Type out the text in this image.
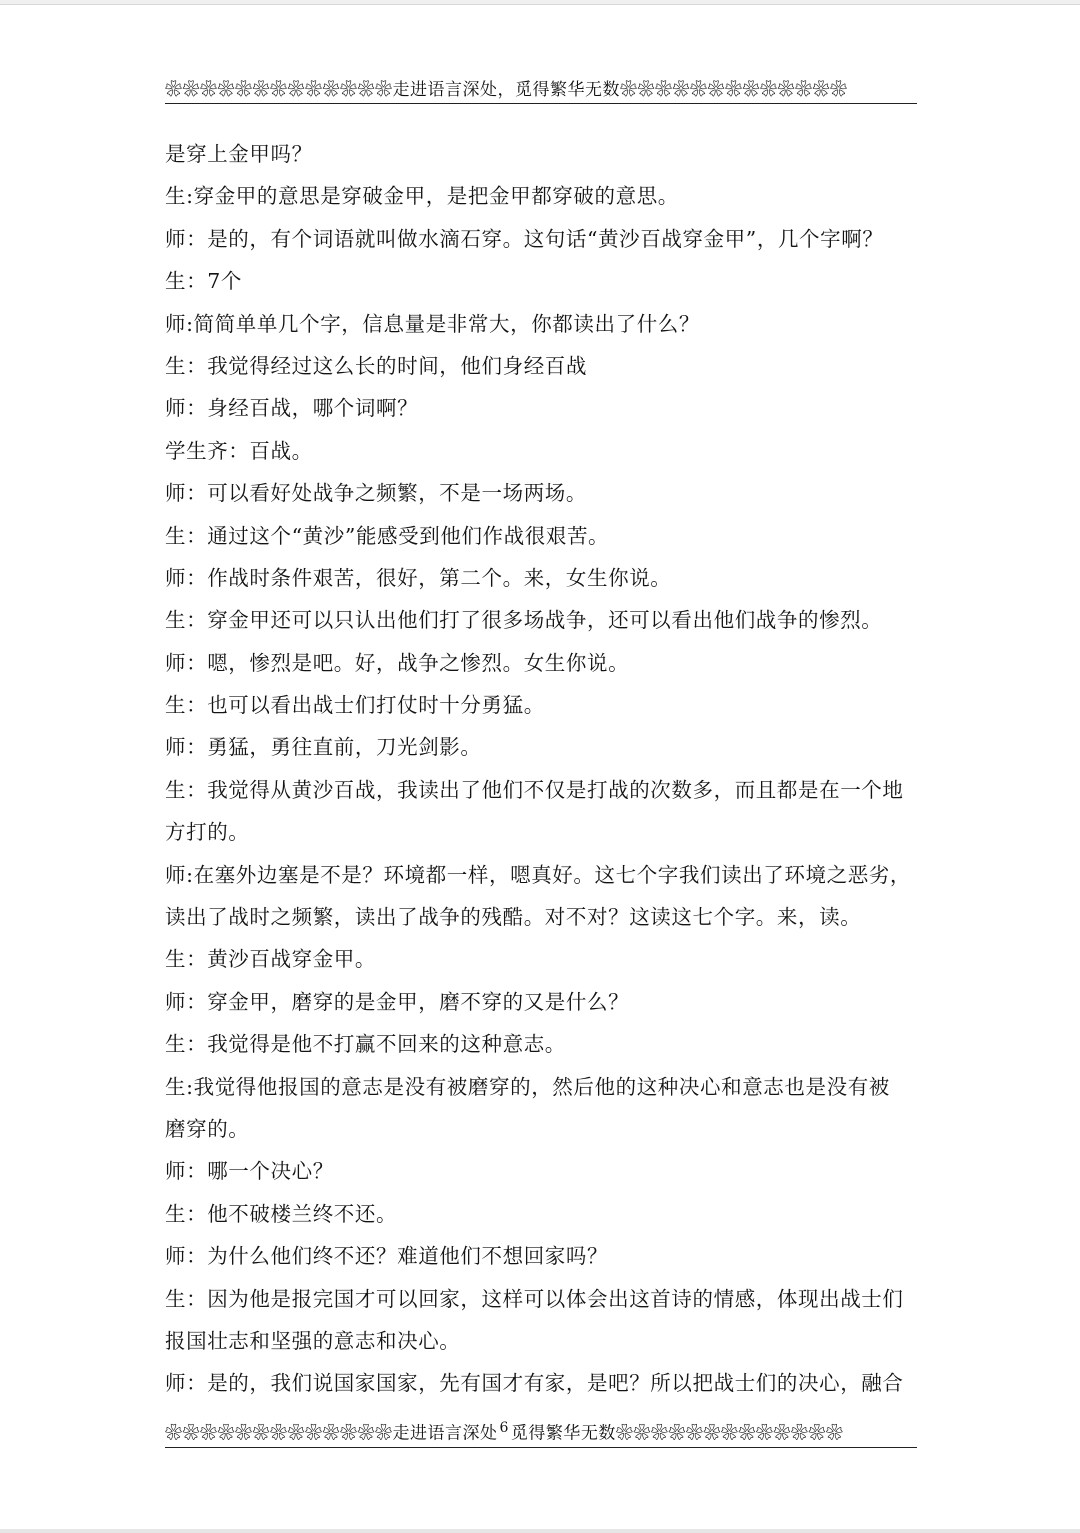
❀❀❀❀❀❀❀❀❀❀❀❀❀走进语言深处，觅得繁华无数❀❀❀❀❀❀❀❀❀❀❀❀❀
是穿上金甲吗？
生:穿金甲的意思是穿破金甲，是把金甲都穿破的意思。
师：是的，有个词语就叫做水滴石穿。这句话“黄沙百战穿金甲”，几个字啊？
生：7个
师:简简单单几个字，信息量是非常大，你都读出了什么？
生：我觉得经过这么长的时间，他们身经百战
师：身经百战，哪个词啊？
学生齐：百战。
师：可以看好处战争之频繁，不是一场两场。
生：通过这个“黄沙”能感受到他们作战很艰苦。
师：作战时条件艰苦，很好，第二个。来，女生你说。
生：穿金甲还可以只认出他们打了很多场战争，还可以看出他们战争的惨烈。
师：嗯，惨烈是吧。好，战争之惨烈。女生你说。
生：也可以看出战士们打仗时十分勇猛。
师：勇猛，勇往直前，刀光剑影。
生：我觉得从黄沙百战，我读出了他们不仅是打战的次数多，而且都是在一个地
方打的。
师:在塞外边塞是不是？环境都一样，嗯真好。这七个字我们读出了环境之恶劣，
读出了战时之频繁，读出了战争的残酷。对不对？这读这七个字。来，读。
生：黄沙百战穿金甲。
师：穿金甲，磨穿的是金甲，磨不穿的又是什么？
生：我觉得是他不打赢不回来的这种意志。
生:我觉得他报国的意志是没有被磨穿的，然后他的这种决心和意志也是没有被
磨穿的。
师：哪一个决心？
生：他不破楼兰终不还。
师：为什么他们终不还？难道他们不想回家吗？
生：因为他是报完国才可以回家，这样可以体会出这首诗的情感，体现出战士们
报国壮志和坚强的意志和决心。
师：是的，我们说国家国家，先有国才有家，是吧？所以把战士们的决心，融合
❀❀❀❀❀❀❀❀❀❀❀❀❀走进语言深处 $^6$ 觅得繁华无数❀❀❀❀❀❀❀❀❀❀❀❀❀
